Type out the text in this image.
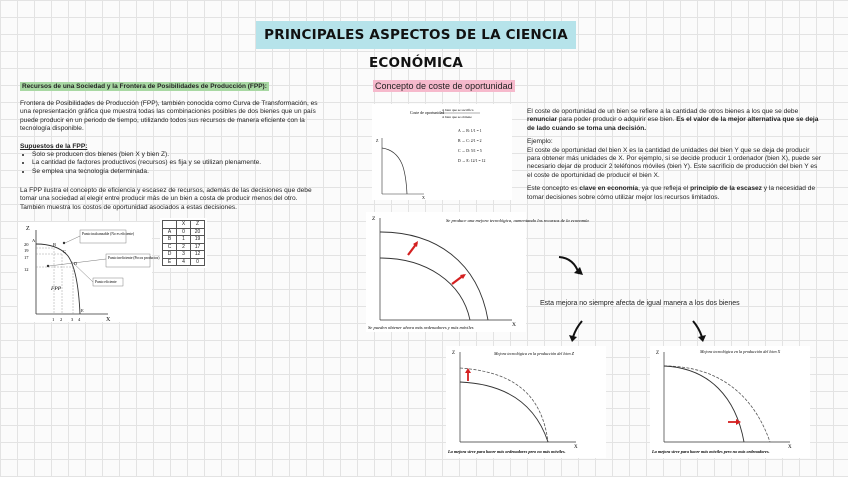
PRINCIPALES ASPECTOS DE LA CIENCIA ECONÓMICA
Recursos de una Sociedad y la Frontera de Posibilidades de Producción (FPP):
Frontera de Posibilidades de Producción (FPP), también conocida como Curva de Transformación, es una representación gráfica que muestra todas las combinaciones posibles de dos bienes que un país puede producir en un periodo de tiempo, utilizando todos sus recursos de manera eficiente con la tecnología disponible.
Supuestos de la FPP:
• Solo se producen dos bienes (bien X y bien Z).
• La cantidad de factores productivos (recursos) es fija y se utilizan plenamente.
• Se emplea una tecnología determinada.
La FPP ilustra el concepto de eficiencia y escasez de recursos, además de las decisiones que debe tomar una sociedad al elegir entre producir más de un bien a costa de producir menos del otro. También muestra los costos de oportunidad asociados a estas decisiones.
Z
X
20
19
17
12
1 2 3 4
A
B
C
D
E
FPP
Punto inalcanzable (No es eficiente)
Punto ineficiente (Pocos productos)
Punto eficiente
	X	Z
A	0	20
B	1	19
C	2	17
D	3	12
E	4	0
Concepto de coste de oportunidad
Coste de oportunidad
Δ bien que se sacrifica
Δ bien que se obtiene
A → B: 1/1 = 1
B → C: 2/1 = 2
C → D: 5/1 = 5
D → E: 12/1 = 12
Z
X

El coste de oportunidad de un bien se refiere a la cantidad de otros bienes a los que se debe renunciar para poder producir o adquirir ese bien. Es el valor de la mejor alternativa que se deja de lado cuando se toma una decisión.

Ejemplo:

El coste de oportunidad del bien X es la cantidad de unidades del bien Y que se deja de producir para obtener más unidades de X. Por ejemplo, si se decide producir 1 ordenador (bien X), puede ser necesario dejar de producir 2 teléfonos móviles (bien Y). Este sacrificio de producción del bien Y es el coste de oportunidad de producir el bien X.

Este concepto es clave en economía, ya que refleja el principio de la escasez y la necesidad de tomar decisiones sobre cómo utilizar mejor los recursos limitados.

Se produce una mejora tecnológica, aumentando los recursos de la economía
Z
X
Se pueden obtener ahora más ordenadores y más móviles
Esta mejora no siempre afecta de igual manera a los dos bienes
Mejora tecnológica en la producción del bien Z
Z
X
La mejora sirve para hacer más ordenadores pero no más móviles.
Mejora tecnológica en la producción del bien X
Z
X
La mejora sirve para hacer más móviles pero no más ordenadores.
